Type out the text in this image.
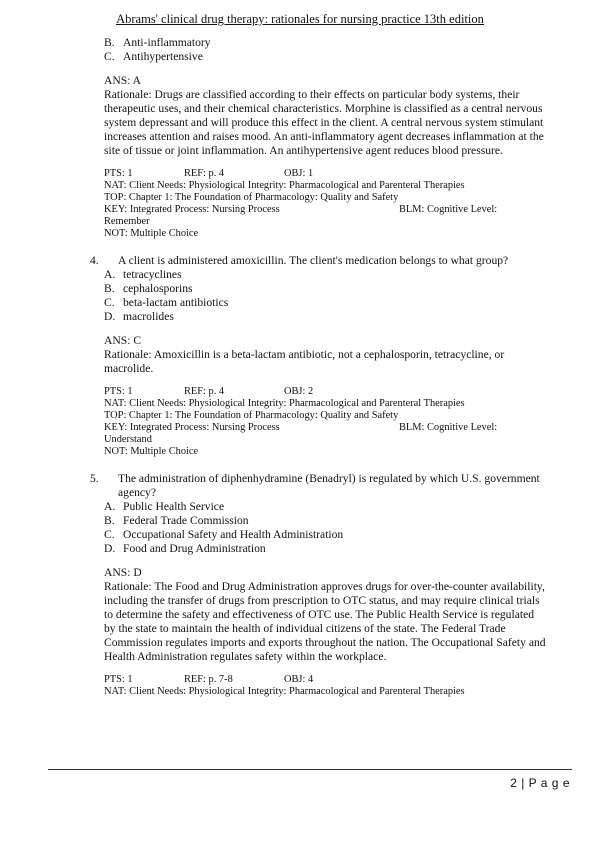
Abrams' clinical drug therapy: rationales for nursing practice 13th edition
B. Anti-inflammatory
C. Antihypertensive
ANS: A
Rationale: Drugs are classified according to their effects on particular body systems, their therapeutic uses, and their chemical characteristics. Morphine is classified as a central nervous system depressant and will produce this effect in the client. A central nervous system stimulant increases attention and raises mood. An anti-inflammatory agent decreases inflammation at the site of tissue or joint inflammation. An antihypertensive agent reduces blood pressure.
PTS: 1	REF: p. 4	OBJ: 1
NAT: Client Needs: Physiological Integrity: Pharmacological and Parenteral Therapies
TOP: Chapter 1: The Foundation of Pharmacology: Quality and Safety
KEY: Integrated Process: Nursing Process	BLM: Cognitive Level:
Remember
NOT: Multiple Choice
4. A client is administered amoxicillin. The client's medication belongs to what group?
A. tetracyclines
B. cephalosporins
C. beta-lactam antibiotics
D. macrolides
ANS: C
Rationale: Amoxicillin is a beta-lactam antibiotic, not a cephalosporin, tetracycline, or macrolide.
PTS: 1	REF: p. 4	OBJ: 2
NAT: Client Needs: Physiological Integrity: Pharmacological and Parenteral Therapies
TOP: Chapter 1: The Foundation of Pharmacology: Quality and Safety
KEY: Integrated Process: Nursing Process	BLM: Cognitive Level:
Understand
NOT: Multiple Choice
5. The administration of diphenhydramine (Benadryl) is regulated by which U.S. government agency?
A. Public Health Service
B. Federal Trade Commission
C. Occupational Safety and Health Administration
D. Food and Drug Administration
ANS: D
Rationale: The Food and Drug Administration approves drugs for over-the-counter availability, including the transfer of drugs from prescription to OTC status, and may require clinical trials to determine the safety and effectiveness of OTC use. The Public Health Service is regulated by the state to maintain the health of individual citizens of the state. The Federal Trade Commission regulates imports and exports throughout the nation. The Occupational Safety and Health Administration regulates safety within the workplace.
PTS: 1	REF: p. 7-8	OBJ: 4
NAT: Client Needs: Physiological Integrity: Pharmacological and Parenteral Therapies
2 | P a g e
